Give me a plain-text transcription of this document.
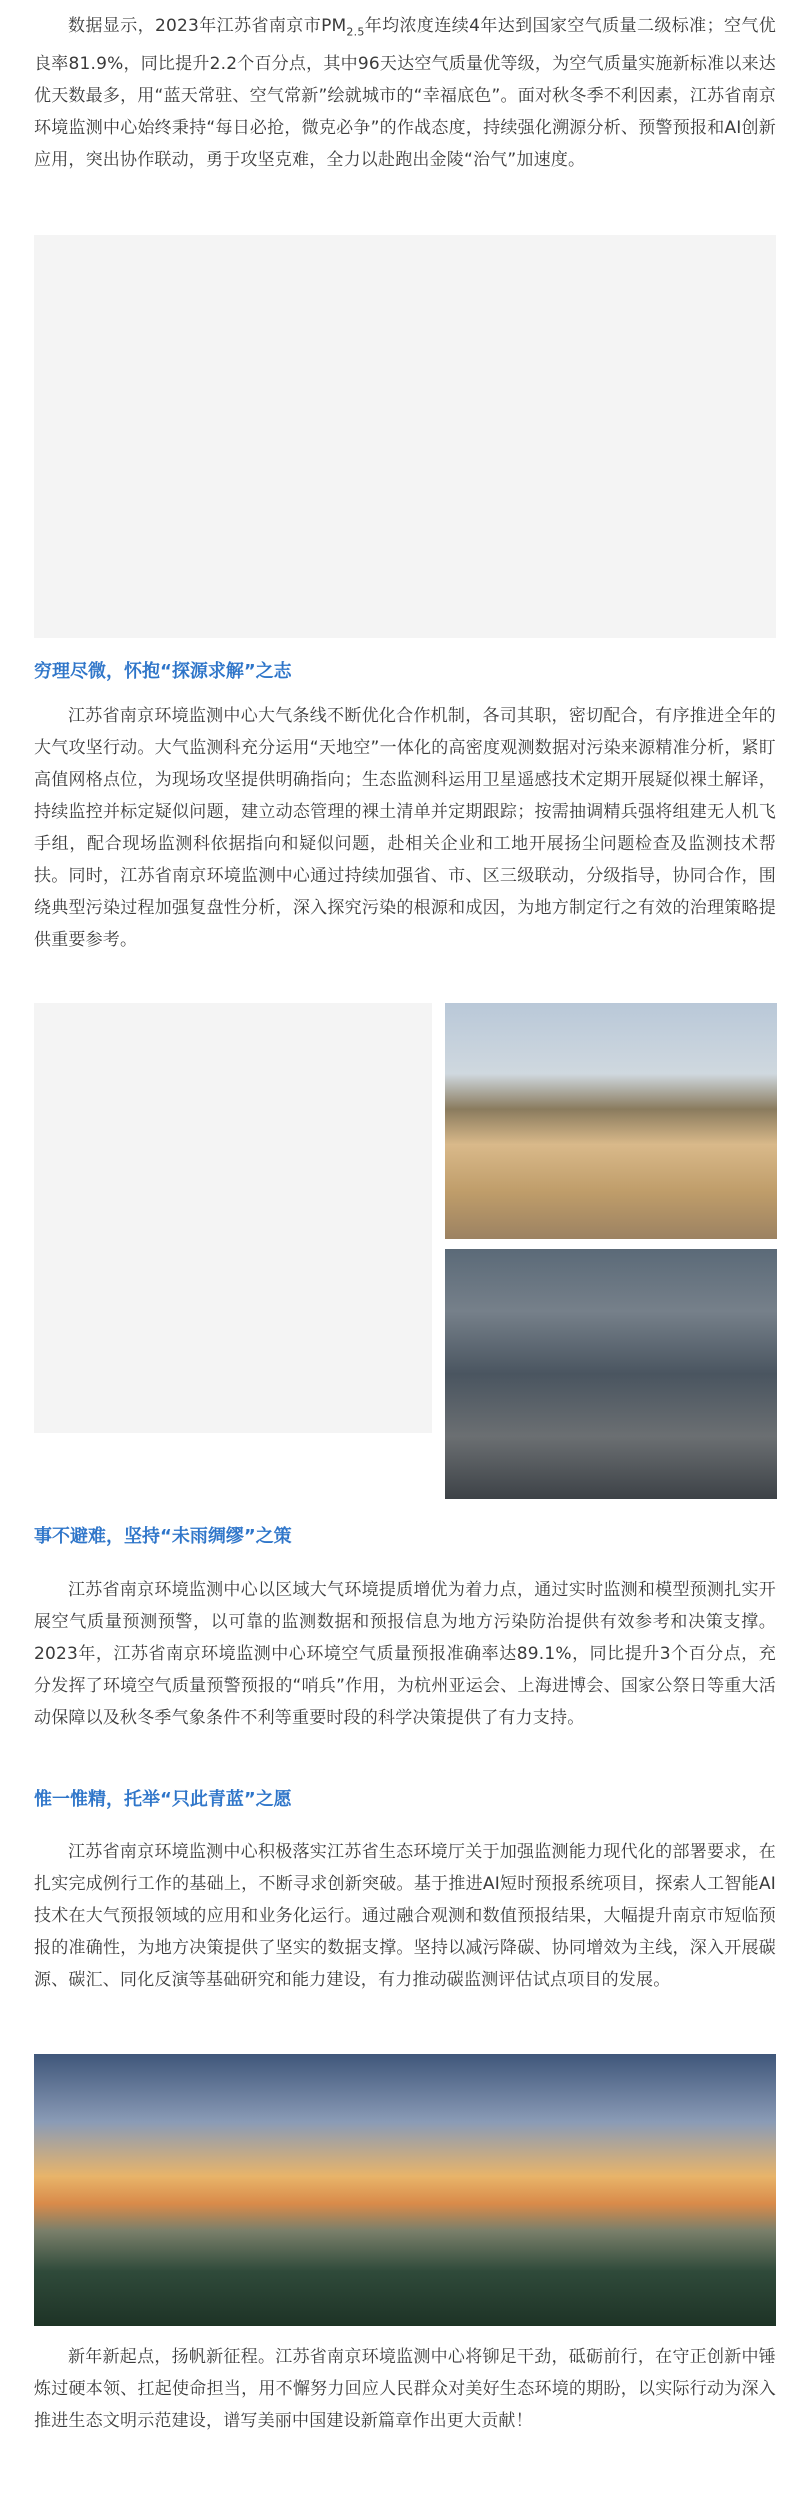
数据显示，2023年江苏省南京市$PM_{2.5}$年均浓度连续4年达到国家空气质量二级标准；空气优良率81.9%，同比提升2.2个百分点，其中96天达空气质量优等级，为空气质量实施新标准以来达优天数最多，用“蓝天常驻、空气常新”绘就城市的“幸福底色”。面对秋冬季不利因素，江苏省南京环境监测中心始终秉持“每日必抢，微克必争”的作战态度，持续强化溯源分析、预警预报和AI创新应用，突出协作联动，勇于攻坚克难，全力以赴跑出金陵“治气”加速度。

穷理尽微，怀抱“探源求解”之志

江苏省南京环境监测中心大气条线不断优化合作机制，各司其职，密切配合，有序推进全年的大气攻坚行动。大气监测科充分运用“天地空”一体化的高密度观测数据对污染来源精准分析，紧盯高值网格点位，为现场攻坚提供明确指向；生态监测科运用卫星遥感技术定期开展疑似裸土解译，持续监控并标定疑似问题，建立动态管理的裸土清单并定期跟踪；按需抽调精兵强将组建无人机飞手组，配合现场监测科依据指向和疑似问题，赴相关企业和工地开展扬尘问题检查及监测技术帮扶。同时，江苏省南京环境监测中心通过持续加强省、市、区三级联动，分级指导，协同合作，围绕典型污染过程加强复盘性分析，深入探究污染的根源和成因，为地方制定行之有效的治理策略提供重要参考。

事不避难，坚持“未雨绸缪”之策

江苏省南京环境监测中心以区域大气环境提质增优为着力点，通过实时监测和模型预测扎实开展空气质量预测预警，以可靠的监测数据和预报信息为地方污染防治提供有效参考和决策支撑。2023年，江苏省南京环境监测中心环境空气质量预报准确率达89.1%，同比提升3个百分点，充分发挥了环境空气质量预警预报的“哨兵”作用，为杭州亚运会、上海进博会、国家公祭日等重大活动保障以及秋冬季气象条件不利等重要时段的科学决策提供了有力支持。

惟一惟精，托举“只此青蓝”之愿

江苏省南京环境监测中心积极落实江苏省生态环境厅关于加强监测能力现代化的部署要求，在扎实完成例行工作的基础上，不断寻求创新突破。基于推进AI短时预报系统项目，探索人工智能AI技术在大气预报领域的应用和业务化运行。通过融合观测和数值预报结果，大幅提升南京市短临预报的准确性，为地方决策提供了坚实的数据支撑。坚持以减污降碳、协同增效为主线，深入开展碳源、碳汇、同化反演等基础研究和能力建设，有力推动碳监测评估试点项目的发展。

新年新起点，扬帆新征程。江苏省南京环境监测中心将铆足干劲，砥砺前行，在守正创新中锤炼过硬本领、扛起使命担当，用不懈努力回应人民群众对美好生态环境的期盼，以实际行动为深入推进生态文明示范建设，谱写美丽中国建设新篇章作出更大贡献！
